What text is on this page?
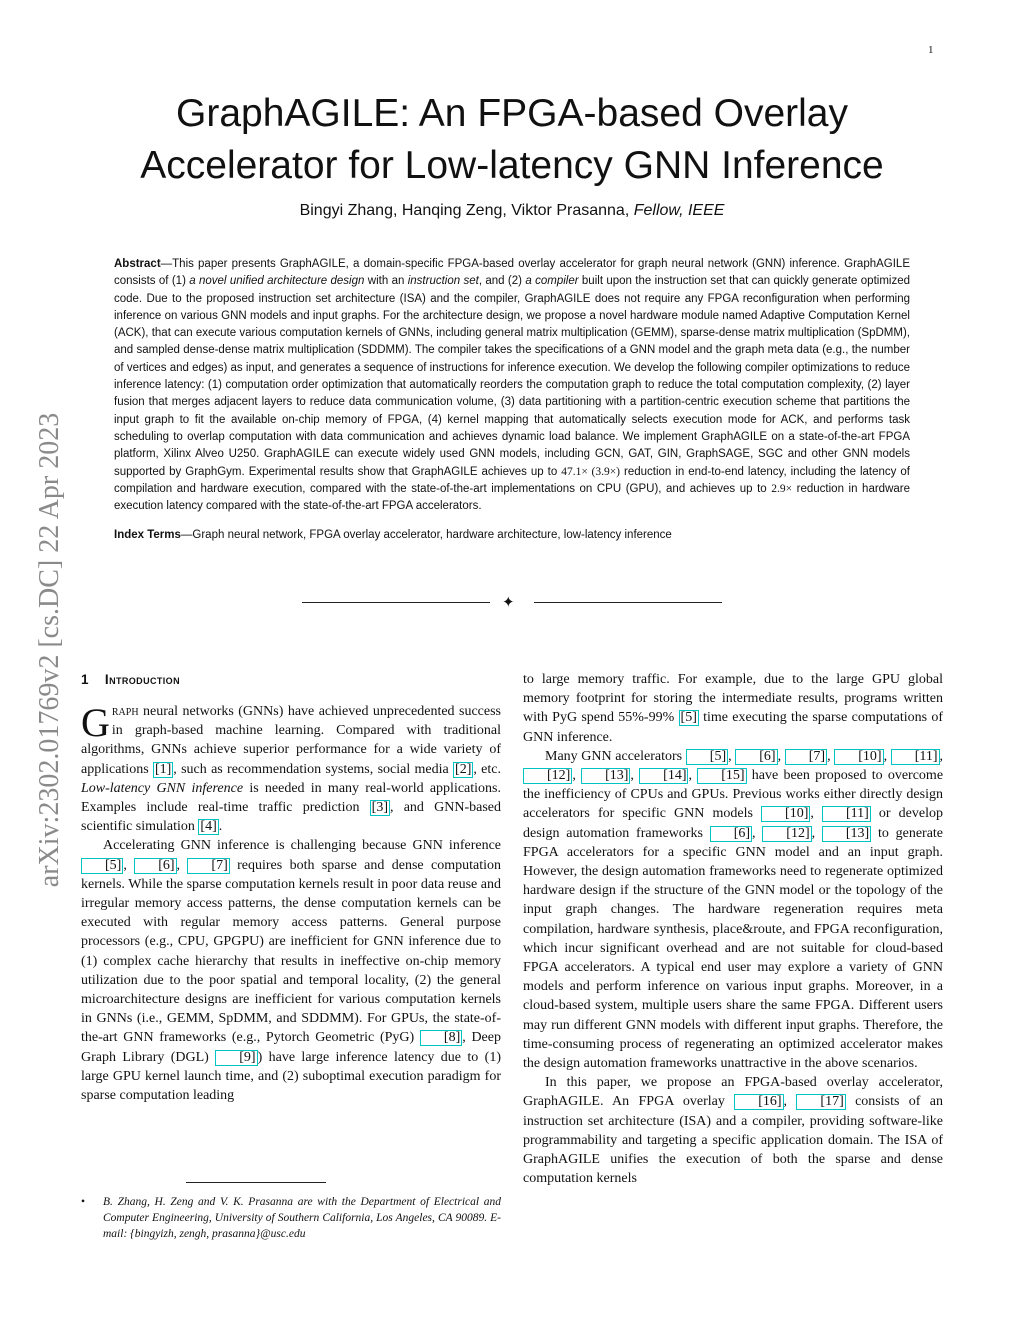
1
arXiv:2302.01769v2 [cs.DC] 22 Apr 2023
GraphAGILE: An FPGA-based Overlay
Accelerator for Low-latency GNN Inference
Bingyi Zhang, Hanqing Zeng, Viktor Prasanna, Fellow, IEEE

Abstract—This paper presents GraphAGILE, a domain-specific FPGA-based overlay accelerator for graph neural network (GNN) inference. GraphAGILE consists of (1) a novel unified architecture design with an instruction set, and (2) a compiler built upon the instruction set that can quickly generate optimized code. Due to the proposed instruction set architecture (ISA) and the compiler, GraphAGILE does not require any FPGA reconfiguration when performing inference on various GNN models and input graphs. For the architecture design, we propose a novel hardware module named Adaptive Computation Kernel (ACK), that can execute various computation kernels of GNNs, including general matrix multiplication (GEMM), sparse-dense matrix multiplication (SpDMM), and sampled dense-dense matrix multiplication (SDDMM). The compiler takes the specifications of a GNN model and the graph meta data (e.g., the number of vertices and edges) as input, and generates a sequence of instructions for inference execution. We develop the following compiler optimizations to reduce inference latency: (1) computation order optimization that automatically reorders the computation graph to reduce the total computation complexity, (2) layer fusion that merges adjacent layers to reduce data communication volume, (3) data partitioning with a partition-centric execution scheme that partitions the input graph to fit the available on-chip memory of FPGA, (4) kernel mapping that automatically selects execution mode for ACK, and performs task scheduling to overlap computation with data communication and achieves dynamic load balance. We implement GraphAGILE on a state-of-the-art FPGA platform, Xilinx Alveo U250. GraphAGILE can execute widely used GNN models, including GCN, GAT, GIN, GraphSAGE, SGC and other GNN models supported by GraphGym. Experimental results show that GraphAGILE achieves up to 47.1× (3.9×) reduction in end-to-end latency, including the latency of compilation and hardware execution, compared with the state-of-the-art implementations on CPU (GPU), and achieves up to 2.9× reduction in hardware execution latency compared with the state-of-the-art FPGA accelerators.

Index Terms—Graph neural network, FPGA overlay accelerator, hardware architecture, low-latency inference

✦
1 Introduction

Graph neural networks (GNNs) have achieved unprecedented success in graph-based machine learning. Compared with traditional algorithms, GNNs achieve superior performance for a wide variety of applications [1] , such as recommendation systems, social media [2] , etc. Low-latency GNN inference is needed in many real-world applications. Examples include real-time traffic prediction [3] , and GNN-based scientific simulation [4] .

Accelerating GNN inference is challenging because GNN inference [5] , [6] , [7] requires both sparse and dense computation kernels. While the sparse computation kernels result in poor data reuse and irregular memory access patterns, the dense computation kernels can be executed with regular memory access patterns. General purpose processors (e.g., CPU, GPGPU) are inefficient for GNN inference due to (1) complex cache hierarchy that results in ineffective on-chip memory utilization due to the poor spatial and temporal locality, (2) the general microarchitecture designs are inefficient for various computation kernels in GNNs (i.e., GEMM, SpDMM, and SDDMM). For GPUs, the state-of-the-art GNN frameworks (e.g., Pytorch Geometric (PyG) [8] , Deep Graph Library (DGL) [9] ) have large inference latency due to (1) large GPU kernel launch time, and (2) suboptimal execution paradigm for sparse computation leading

• B. Zhang, H. Zeng and V. K. Prasanna are with the Department of Electrical and Computer Engineering, University of Southern California, Los Angeles, CA 90089. E-mail: {bingyizh, zengh, prasanna}@usc.edu

to large memory traffic. For example, due to the large GPU global memory footprint for storing the intermediate results, programs written with PyG spend 55%-99% [5] time executing the sparse computations of GNN inference.

Many GNN accelerators [5] , [6] , [7] , [10] , [11] , [12] , [13] , [14] , [15] have been proposed to overcome the inefficiency of CPUs and GPUs. Previous works either directly design accelerators for specific GNN models [10] , [11] or develop design automation frameworks [6] , [12] , [13] to generate FPGA accelerators for a specific GNN model and an input graph. However, the design automation frameworks need to regenerate optimized hardware design if the structure of the GNN model or the topology of the input graph changes. The hardware regeneration requires meta compilation, hardware synthesis, place&route, and FPGA reconfiguration, which incur significant overhead and are not suitable for cloud-based FPGA accelerators. A typical end user may explore a variety of GNN models and perform inference on various input graphs. Moreover, in a cloud-based system, multiple users share the same FPGA. Different users may run different GNN models with different input graphs. Therefore, the time-consuming process of regenerating an optimized accelerator makes the design automation frameworks unattractive in the above scenarios.

In this paper, we propose an FPGA-based overlay accelerator, GraphAGILE. An FPGA overlay [16] , [17] consists of an instruction set architecture (ISA) and a compiler, providing software-like programmability and targeting a specific application domain. The ISA of GraphAGILE unifies the execution of both the sparse and dense computation kernels
